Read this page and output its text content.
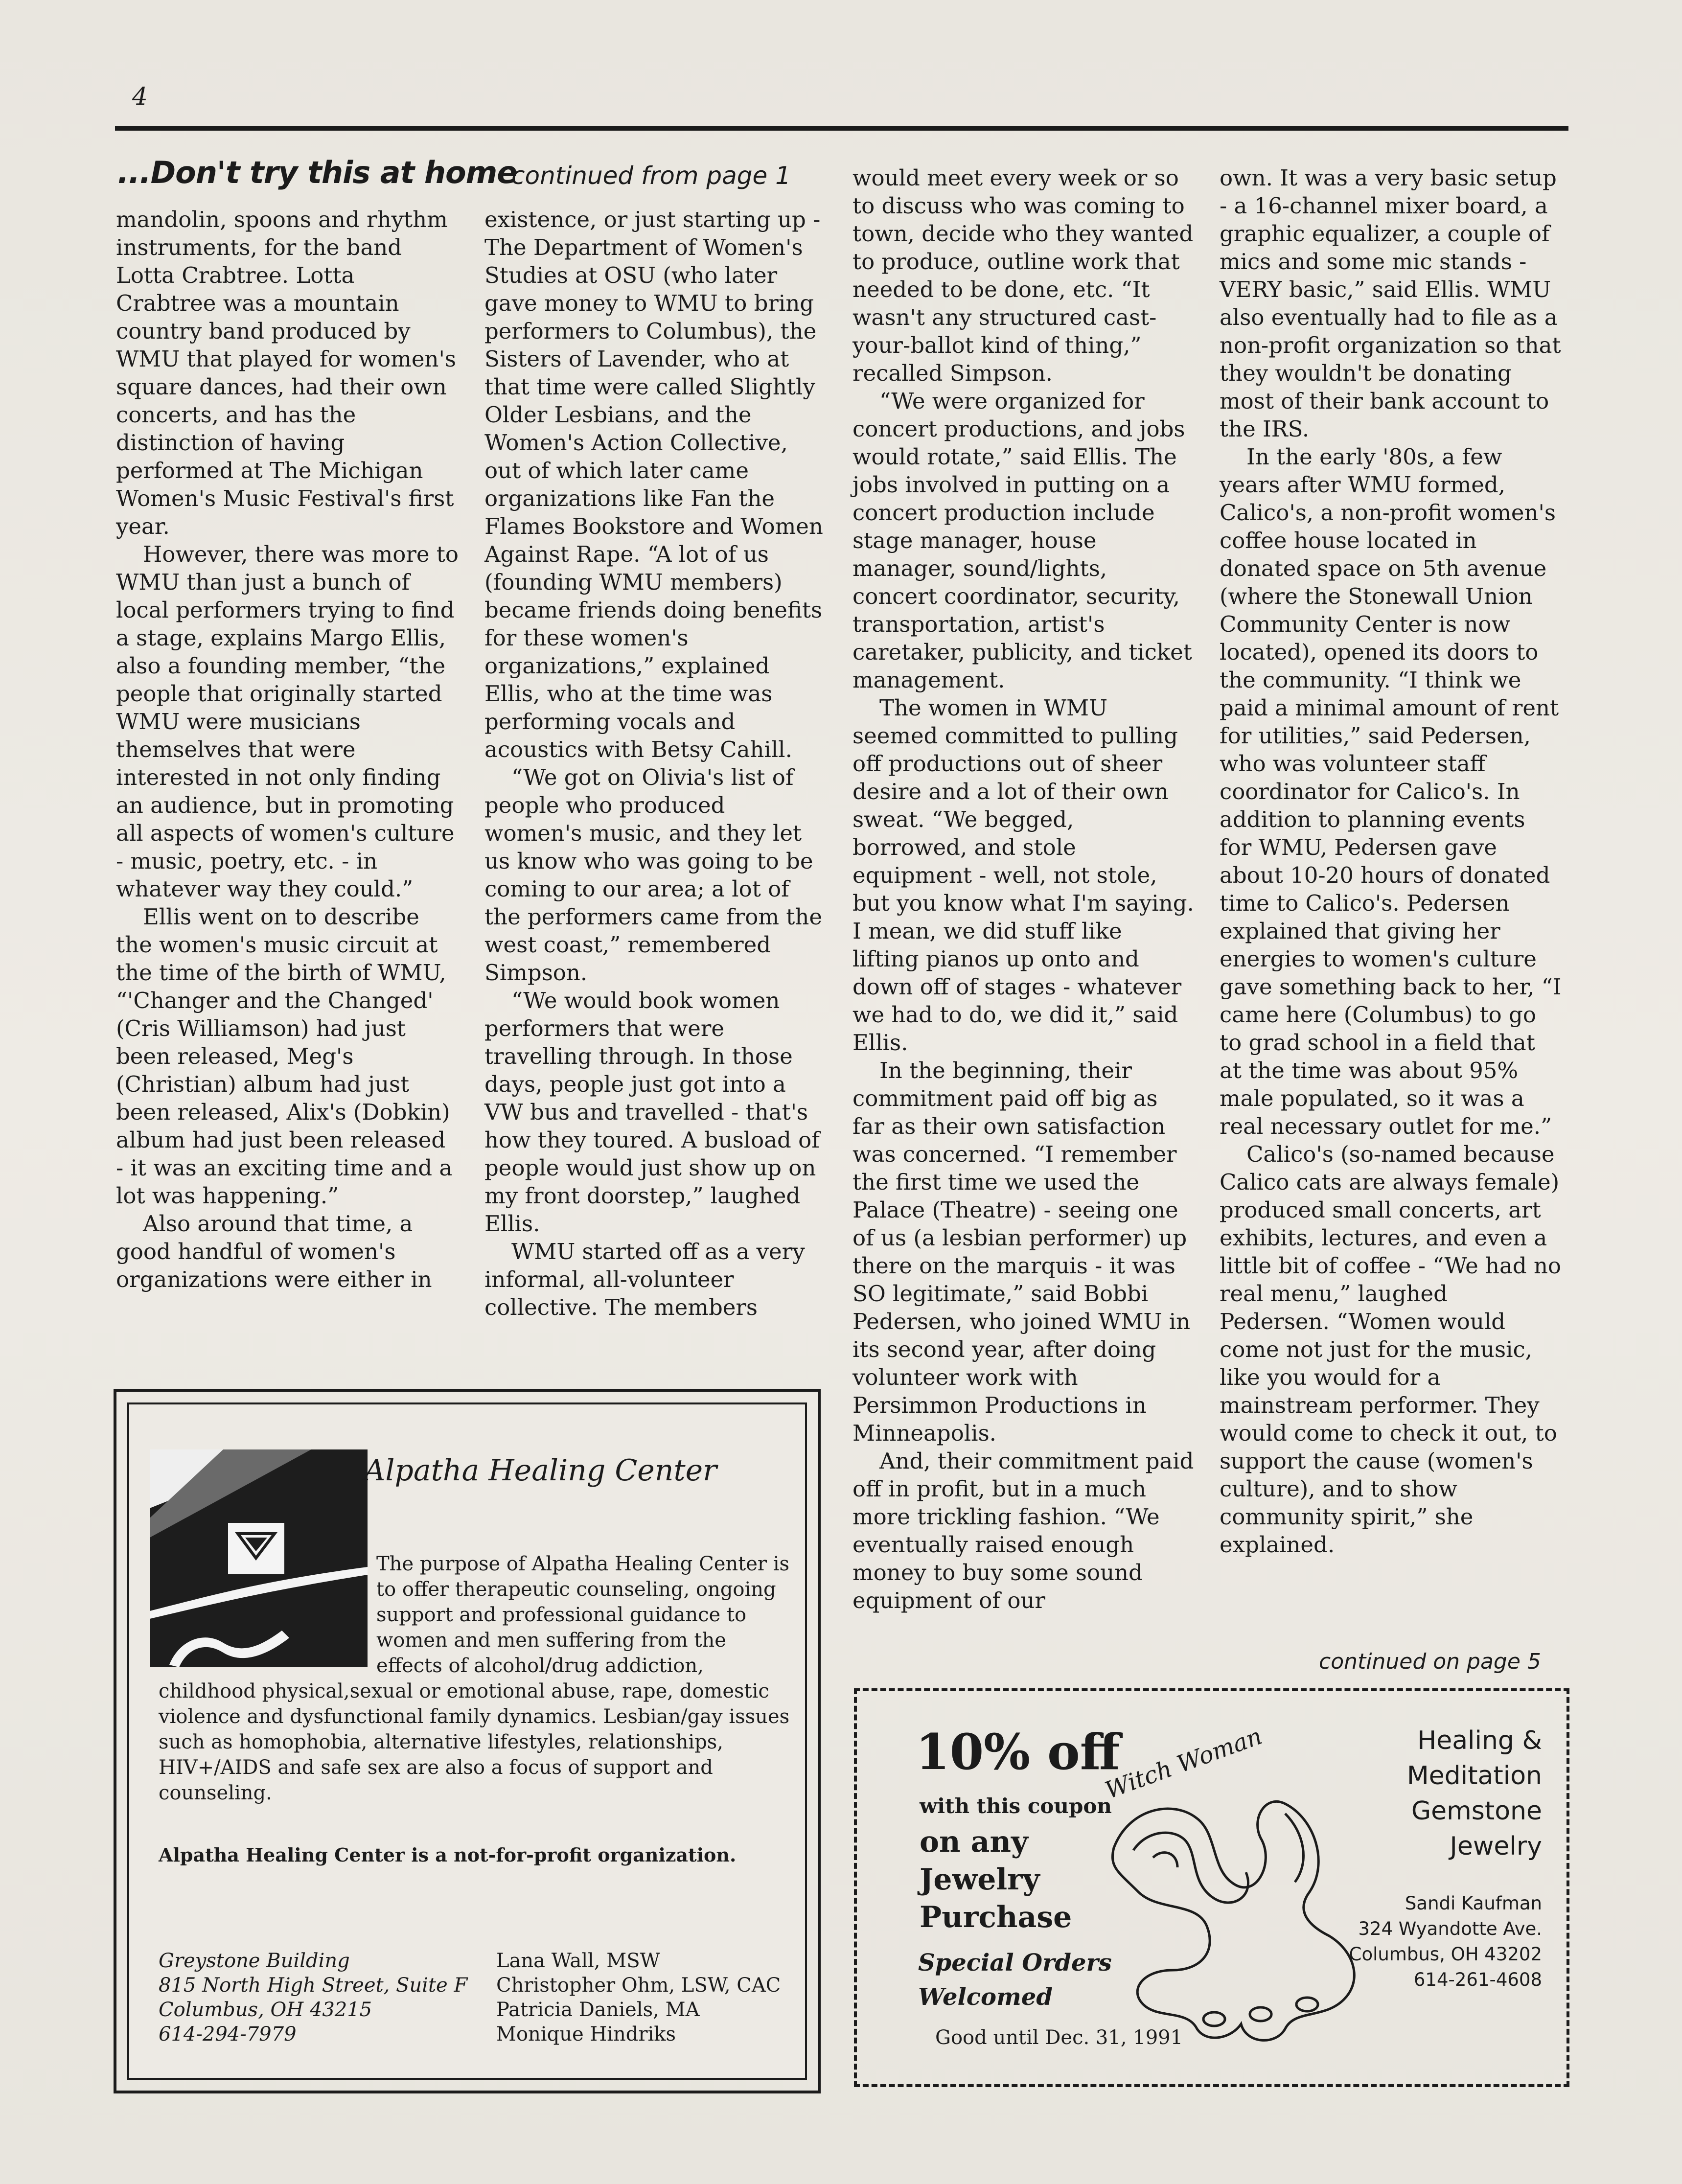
4
...Don't try this at home
continued from page 1

mandolin, spoons and rhythm instruments, for the band Lotta Crabtree. Lotta Crabtree was a mountain country band produced by WMU that played for women's square dances, had their own concerts, and has the distinction of having performed at The Michigan Women's Music Festival's first year.

However, there was more to WMU than just a bunch of local performers trying to find a stage, explains Margo Ellis, also a founding member, “the people that originally started WMU were musicians themselves that were interested in not only finding an audience, but in promoting all aspects of women's culture - music, poetry, etc. - in whatever way they could.”

Ellis went on to describe the women's music circuit at the time of the birth of WMU, “'Changer and the Changed' (Cris Williamson) had just been released, Meg's (Christian) album had just been released, Alix's (Dobkin) album had just been released - it was an exciting time and a lot was happening.”

Also around that time, a good handful of women's organizations were either in

existence, or just starting up - The Department of Women's Studies at OSU (who later gave money to WMU to bring performers to Columbus), the Sisters of Lavender, who at that time were called Slightly Older Lesbians, and the Women's Action Collective, out of which later came organizations like Fan the Flames Bookstore and Women Against Rape. “A lot of us (founding WMU members) became friends doing benefits for these women's organizations,” explained Ellis, who at the time was performing vocals and acoustics with Betsy Cahill.

“We got on Olivia's list of people who produced women's music, and they let us know who was going to be coming to our area; a lot of the performers came from the west coast,” remembered Simpson.

“We would book women performers that were travelling through. In those days, people just got into a VW bus and travelled - that's how they toured. A busload of people would just show up on my front doorstep,” laughed Ellis.

WMU started off as a very informal, all-volunteer collective. The members

would meet every week or so to discuss who was coming to town, decide who they wanted to produce, outline work that needed to be done, etc. “It wasn't any structured cast-your-ballot kind of thing,” recalled Simpson.

“We were organized for concert productions, and jobs would rotate,” said Ellis. The jobs involved in putting on a concert production include stage manager, house manager, sound/lights, concert coordinator, security, transportation, artist's caretaker, publicity, and ticket management.

The women in WMU seemed committed to pulling off productions out of sheer desire and a lot of their own sweat. “We begged, borrowed, and stole equipment - well, not stole, but you know what I'm saying. I mean, we did stuff like lifting pianos up onto and down off of stages - whatever we had to do, we did it,” said Ellis.

In the beginning, their commitment paid off big as far as their own satisfaction was concerned. “I remember the first time we used the Palace (Theatre) - seeing one of us (a lesbian performer) up there on the marquis - it was SO legitimate,” said Bobbi Pedersen, who joined WMU in its second year, after doing volunteer work with Persimmon Productions in Minneapolis.

And, their commitment paid off in profit, but in a much more trickling fashion. “We eventually raised enough money to buy some sound equipment of our

own. It was a very basic setup - a 16-channel mixer board, a graphic equalizer, a couple of mics and some mic stands - VERY basic,” said Ellis. WMU also eventually had to file as a non-profit organization so that they wouldn't be donating most of their bank account to the IRS.

In the early '80s, a few years after WMU formed, Calico's, a non-profit women's coffee house located in donated space on 5th avenue (where the Stonewall Union Community Center is now located), opened its doors to the community. “I think we paid a minimal amount of rent for utilities,” said Pedersen, who was volunteer staff coordinator for Calico's. In addition to planning events for WMU, Pedersen gave about 10-20 hours of donated time to Calico's. Pedersen explained that giving her energies to women's culture gave something back to her, “I came here (Columbus) to go to grad school in a field that at the time was about 95% male populated, so it was a real necessary outlet for me.”

Calico's (so-named because Calico cats are always female) produced small concerts, art exhibits, lectures, and even a little bit of coffee - “We had no real menu,” laughed Pedersen. “Women would come not just for the music, like you would for a mainstream performer. They would come to check it out, to support the cause (women's culture), and to show community spirit,” she explained.

continued on page 5
Alpatha Healing Center
The purpose of Alpatha Healing Center is to offer therapeutic counseling, ongoing support and professional guidance to women and men suffering from the effects of alcohol/drug addiction, childhood physical,sexual or emotional abuse, rape, domestic violence and dysfunctional family dynamics. Lesbian/gay issues such as homophobia, alternative lifestyles, relationships, HIV+/AIDS and safe sex are also a focus of support and counseling.
Alpatha Healing Center is a not-for-profit organization.
Greystone Building
815 North High Street, Suite F
Columbus, OH 43215
614-294-7979
Lana Wall, MSW
Christopher Ohm, LSW, CAC
Patricia Daniels, MA
Monique Hindriks
10% off
with this coupon
on any
Jewelry
Purchase
Special Orders
Welcomed
Good until Dec. 31, 1991
Witch Woman	Healing &
Meditation
Gemstone
Jewelry
Sandi Kaufman
324 Wyandotte Ave.
Columbus, OH 43202
614-261-4608
